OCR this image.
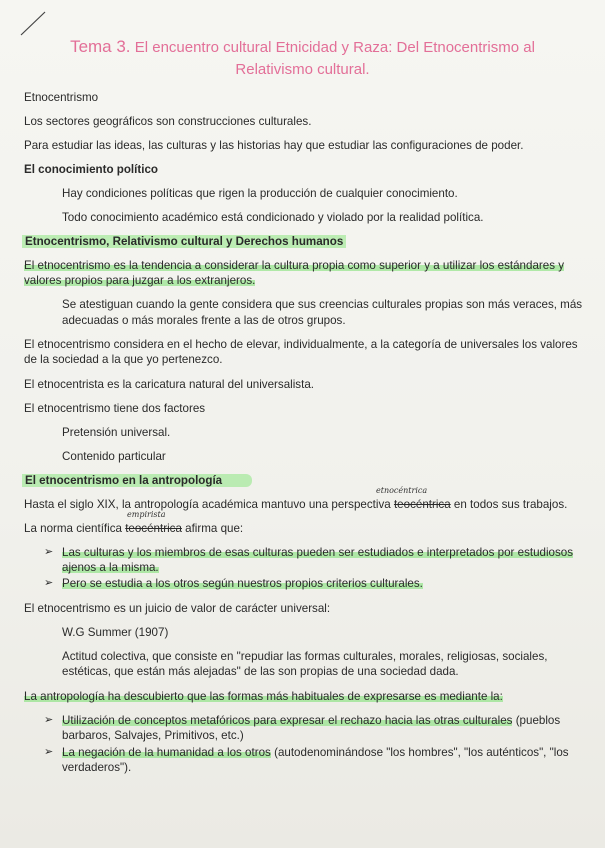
Tema 3. El encuentro cultural Etnicidad y Raza: Del Etnocentrismo al
Relativismo cultural.
Etnocentrismo
Los sectores geográficos son construcciones culturales.
Para estudiar las ideas, las culturas y las historias hay que estudiar las configuraciones de poder.
El conocimiento político
Hay condiciones políticas que rigen la producción de cualquier conocimiento.
Todo conocimiento académico está condicionado y violado por la realidad política.
Etnocentrismo, Relativismo cultural y Derechos humanos
El etnocentrismo es la tendencia a considerar la cultura propia como superior y a utilizar los estándares y
valores propios para juzgar a los extranjeros.
Se atestiguan cuando la gente considera que sus creencias culturales propias son más veraces, más
adecuadas o más morales frente a las de otros grupos.
El etnocentrismo considera en el hecho de elevar, individualmente, a la categoría de universales los valores
de la sociedad a la que yo pertenezco.
El etnocentrista es la caricatura natural del universalista.
El etnocentrismo tiene dos factores
Pretensión universal.
Contenido particular
El etnocentrismo en la antropología
etnocéntrica
Hasta el siglo XIX, la antropología académica mantuvo una perspectiva teocéntrica en todos sus trabajos.
empirista
La norma científica teocéntrica afirma que:
➢ Las culturas y los miembros de esas culturas pueden ser estudiados e interpretados por estudiosos
ajenos a la misma.
➢ Pero se estudia a los otros según nuestros propios criterios culturales.
El etnocentrismo es un juicio de valor de carácter universal:
W.G Summer (1907)
Actitud colectiva, que consiste en "repudiar las formas culturales, morales, religiosas, sociales,
estéticas, que están más alejadas" de las son propias de una sociedad dada.
La antropología ha descubierto que las formas más habituales de expresarse es mediante la:
➢ Utilización de conceptos metafóricos para expresar el rechazo hacia las otras culturales (pueblos
barbaros, Salvajes, Primitivos, etc.)
➢ La negación de la humanidad a los otros (autodenominándose "los hombres", "los auténticos", "los
verdaderos").
